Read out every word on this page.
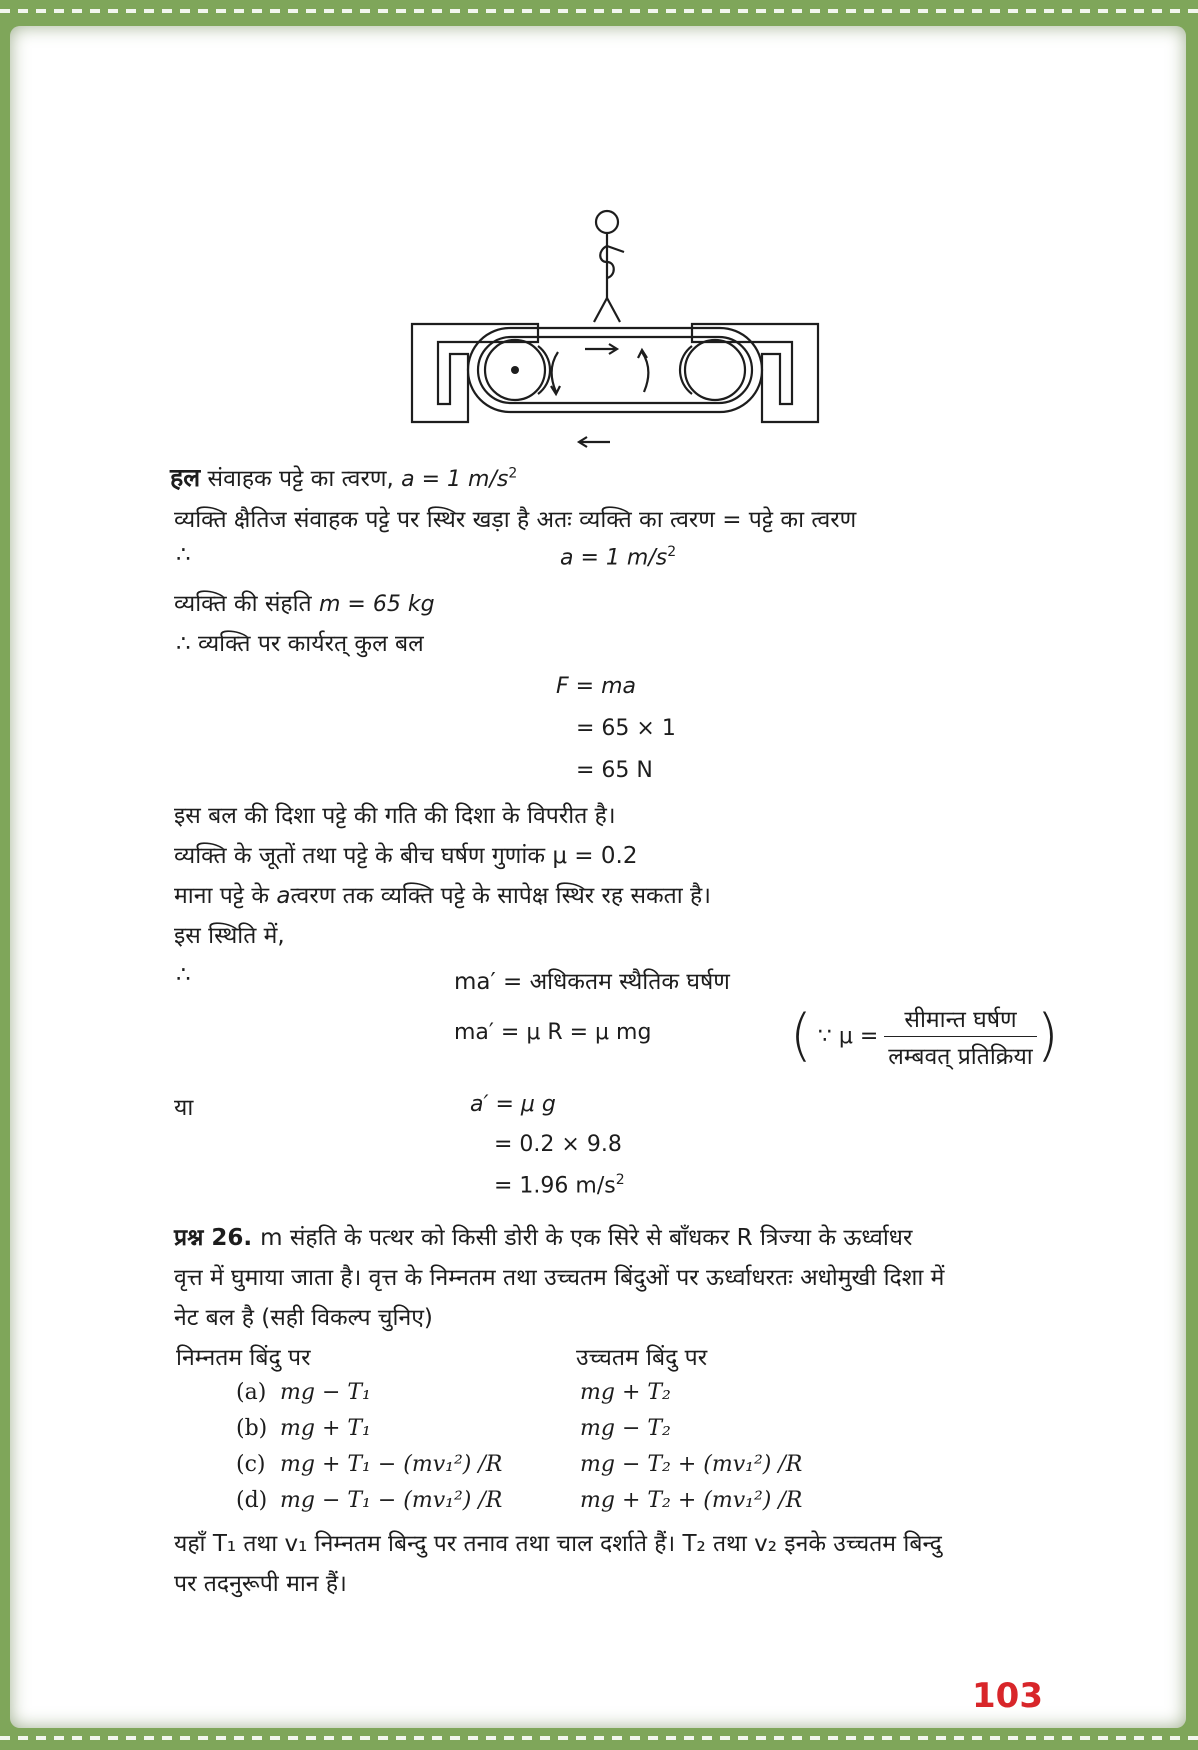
हल संवाहक पट्टे का त्वरण, a = 1 $m/s^2$
व्यक्ति क्षैतिज संवाहक पट्टे पर स्थिर खड़ा है अतः व्यक्ति का त्वरण = पट्टे का त्वरण
∴	a = 1 $m/s^2$
व्यक्ति की संहति m = 65 kg
∴ व्यक्ति पर कार्यरत् कुल बल
F = ma
= 65 × 1
= 65 N
इस बल की दिशा पट्टे की गति की दिशा के विपरीत है।
व्यक्ति के जूतों तथा पट्टे के बीच घर्षण गुणांक μ = 0.2
माना पट्टे के aत्वरण तक व्यक्ति पट्टे के सापेक्ष स्थिर रह सकता है।
इस स्थिति में,
∴	ma′ = अधिकतम स्थैतिक घर्षण
ma′ = μ R = μ mg ( ∵ $\mu = \frac{\text{सीमान्त घर्षण}}{\text{लम्बवत् प्रतिक्रिया}}$ )
या	a′ = μ g
= 0.2 × 9.8
= 1.96 $m/s^2$
प्रश्न 26. m संहति के पत्थर को किसी डोरी के एक सिरे से बाँधकर R त्रिज्या के ऊर्ध्वाधर
वृत्त में घुमाया जाता है। वृत्त के निम्नतम तथा उच्चतम बिंदुओं पर ऊर्ध्वाधरतः अधोमुखी दिशा में
नेट बल है (सही विकल्प चुनिए)
निम्नतम बिंदु पर	उच्चतम बिंदु पर
(a) mg − T₁	mg + T₂
(b) mg + T₁	mg − T₂
(c) mg + T₁ − (mv₁²) /R	mg − T₂ + (mv₁²) /R
(d) mg − T₁ − (mv₁²) /R	mg + T₂ + (mv₁²) /R
यहाँ T₁ तथा v₁ निम्नतम बिन्दु पर तनाव तथा चाल दर्शाते हैं। T₂ तथा v₂ इनके उच्चतम बिन्दु
पर तदनुरूपी मान हैं।
103
